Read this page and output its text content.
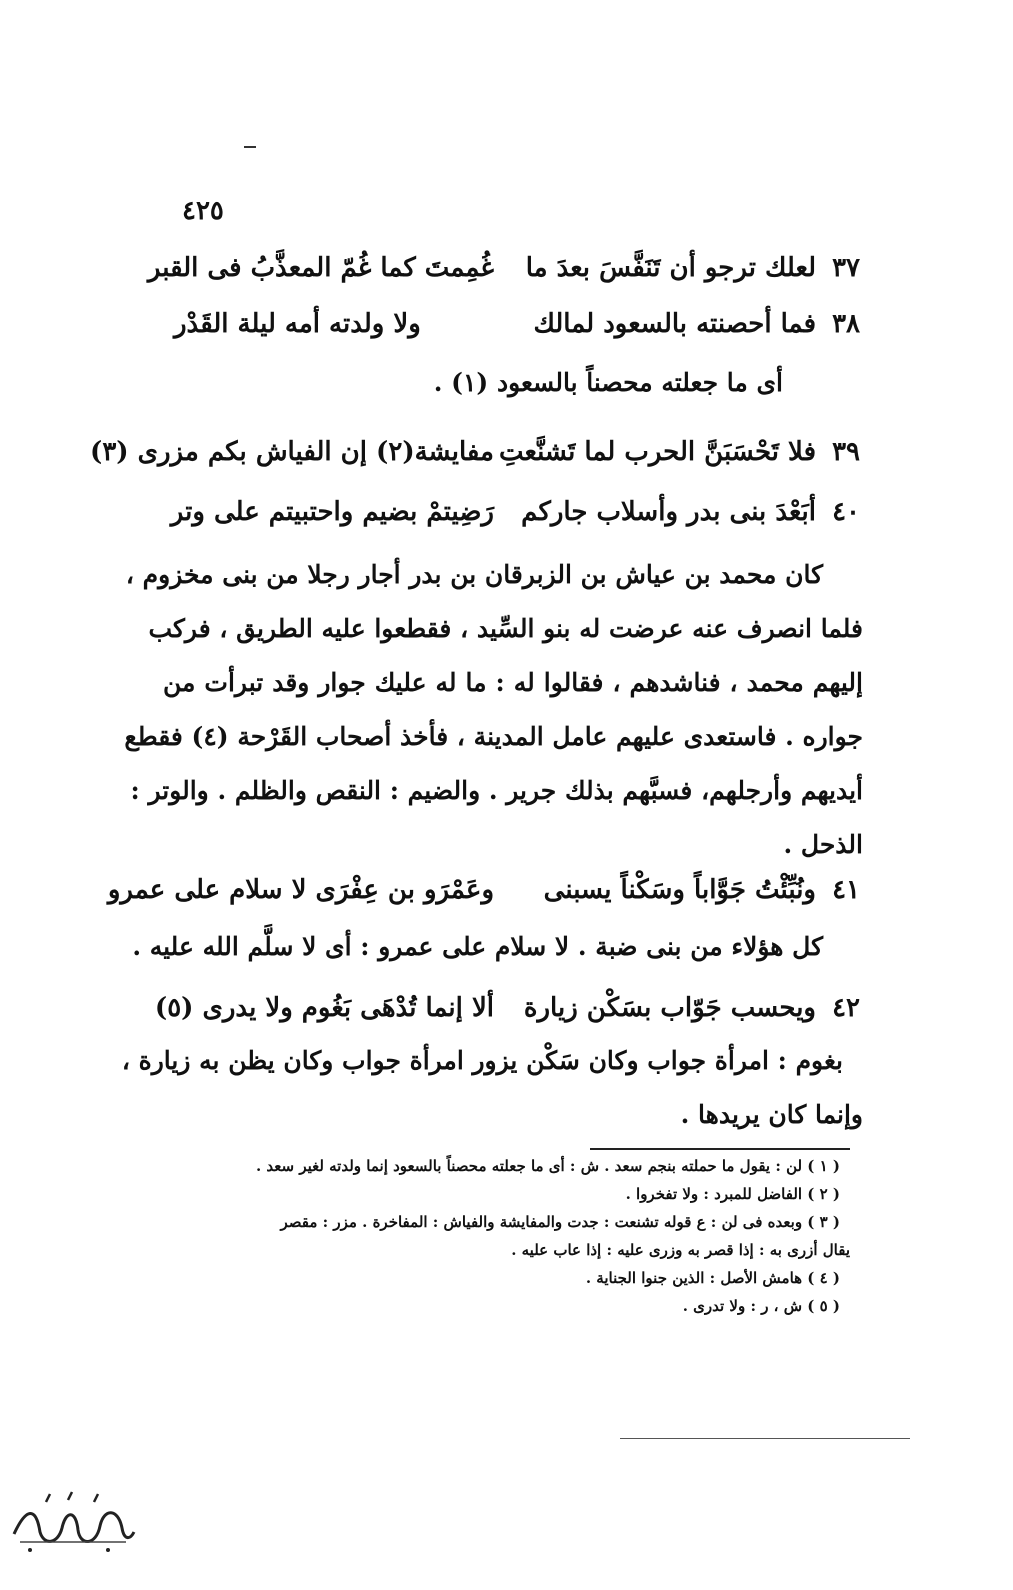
٤٢٥
٣٧
لعلك ترجو أن تَنَفَّسَ بعدَ ما
غُمِمتَ كما غُمّ المعذَّبُ فى القبر
٣٨
فما أحصنته بالسعود لمالك
ولا ولدته أمه ليلة القَدْر
أى ما جعلته محصناً بالسعود (١) .
٣٩
فلا تَحْسَبَنَّ الحرب لما تَشنَّعتِ
مفايشة(٢) إن الفياش بكم مزرى (٣)
٤٠
أبَعْدَ بنى بدر وأسلاب جاركم
رَضِيتمْ بضيم واحتبيتم على وتر
كان محمد بن عياش بن الزبرقان بن بدر أجار رجلا من بنى مخزوم ،
فلما انصرف عنه عرضت له بنو السِّيد ، فقطعوا عليه الطريق ، فركب
إليهم محمد ، فناشدهم ، فقالوا له : ما له عليك جوار وقد تبرأت من
جواره . فاستعدى عليهم عامل المدينة ، فأخذ أصحاب القَرْحة (٤) فقطع
أيديهم وأرجلهم، فسبَّهم بذلك جرير . والضيم : النقص والظلم . والوتر :
الذحل .
٤١
ونُبِّئْتُ جَوَّاباً وسَكْناً يسبنى
وعَمْرَو بن عِفْرَى لا سلام على عمرو
كل هؤلاء من بنى ضبة . لا سلام على عمرو : أى لا سلَّم الله عليه .
٤٢
ويحسب جَوّاب بسَكْن زيارة
ألا إنما تُدْهَى بَغُوم ولا يدرى (٥)
بغوم : امرأة جواب وكان سَكْن يزور امرأة جواب وكان يظن به زيارة ،
وإنما كان يريدها .
( ١ ) لن : يقول ما حملته بنجم سعد . ش : أى ما جعلته محصناً بالسعود إنما ولدته لغير سعد .
( ٢ ) الفاضل للمبرد : ولا تفخروا .
( ٣ ) وبعده فى لن : ع قوله تشنعت : جدت والمفايشة والفياش : المفاخرة . مزر : مقصر
يقال أزرى به : إذا قصر به وزرى عليه : إذا عاب عليه .
( ٤ ) هامش الأصل : الذين جنوا الجناية .
( ٥ ) ش ، ر : ولا تدرى .
